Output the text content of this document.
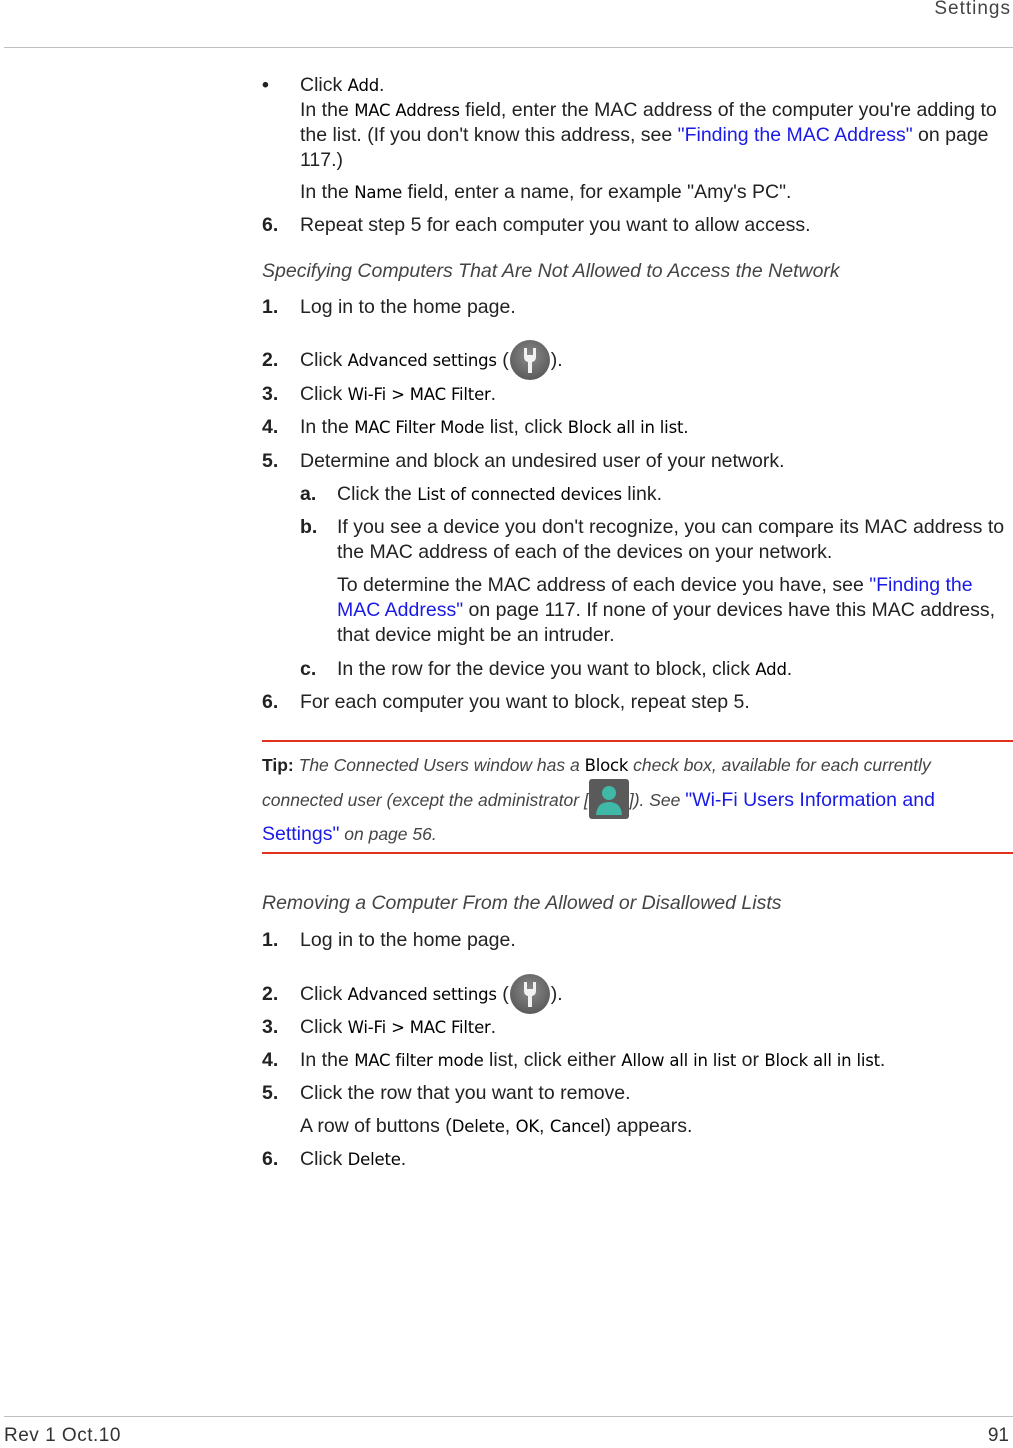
Settings
Rev 1 Oct.10	91
• Click Add.
In the MAC Address field, enter the MAC address of the computer you're adding to the list. (If you don't know this address, see "Finding the MAC Address" on page 117.)
In the Name field, enter a name, for example "Amy's PC".
6. Repeat step 5 for each computer you want to allow access.
Specifying Computers That Are Not Allowed to Access the Network
1. Log in to the home page.
2. Click Advanced settings ( ).
3. Click Wi-Fi > MAC Filter.
4. In the MAC Filter Mode list, click Block all in list.
5. Determine and block an undesired user of your network.
a. Click the List of connected devices link.
b. If you see a device you don't recognize, you can compare its MAC address to the MAC address of each of the devices on your network.
To determine the MAC address of each device you have, see "Finding the MAC Address" on page 117. If none of your devices have this MAC address, that device might be an intruder.
c. In the row for the device you want to block, click Add.
6. For each computer you want to block, repeat step 5.
Tip: The Connected Users window has a Block check box, available for each currently connected user (except the administrator [ ]). See "Wi-Fi Users Information and Settings" on page 56.
Removing a Computer From the Allowed or Disallowed Lists
1. Log in to the home page.
2. Click Advanced settings ( ).
3. Click Wi-Fi > MAC Filter.
4. In the MAC filter mode list, click either Allow all in list or Block all in list.
5. Click the row that you want to remove.
A row of buttons (Delete, OK, Cancel) appears.
6. Click Delete.
